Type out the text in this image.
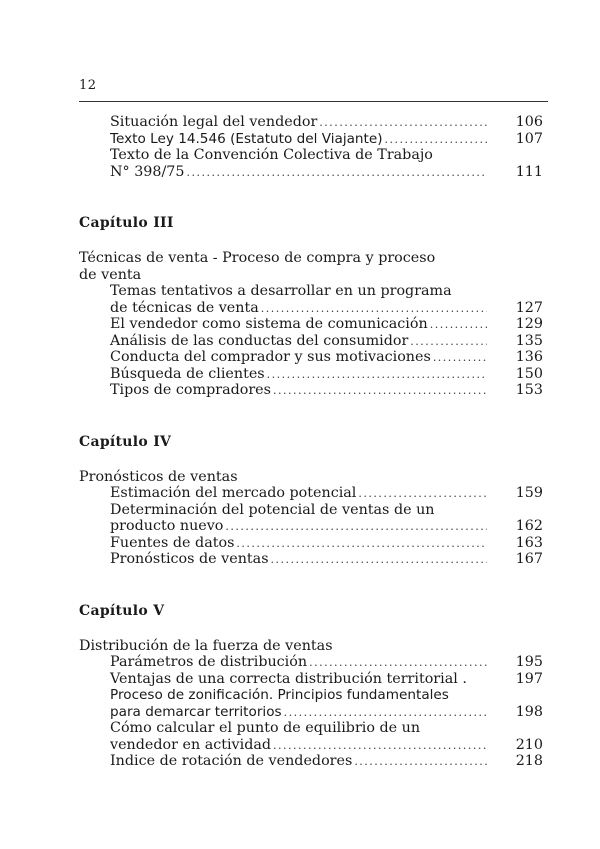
12
Situación legal del vendedor .....	106
Texto Ley 14.546 (Estatuto del Viajante) .....	107
Texto de la Convención Colectiva de Trabajo
N° 398/75 .....	111
Capítulo III
Técnicas de venta - Proceso de compra y proceso
de venta
Temas tentativos a desarrollar en un programa
de técnicas de venta .....	127
El vendedor como sistema de comunicación .....	129
Análisis de las conductas del consumidor .....	135
Conducta del comprador y sus motivaciones .....	136
Búsqueda de clientes .....	150
Tipos de compradores .....	153
Capítulo IV
Pronósticos de ventas
Estimación del mercado potencial .....	159
Determinación del potencial de ventas de un
producto nuevo .....	162
Fuentes de datos .....	163
Pronósticos de ventas .....	167
Capítulo V
Distribución de la fuerza de ventas
Parámetros de distribución .....	195
Ventajas de una correcta distribución territorial .	197
Proceso de zonificación. Principios fundamentales
para demarcar territorios .....	198
Cómo calcular el punto de equilibrio de un
vendedor en actividad .....	210
Indice de rotación de vendedores .....	218
